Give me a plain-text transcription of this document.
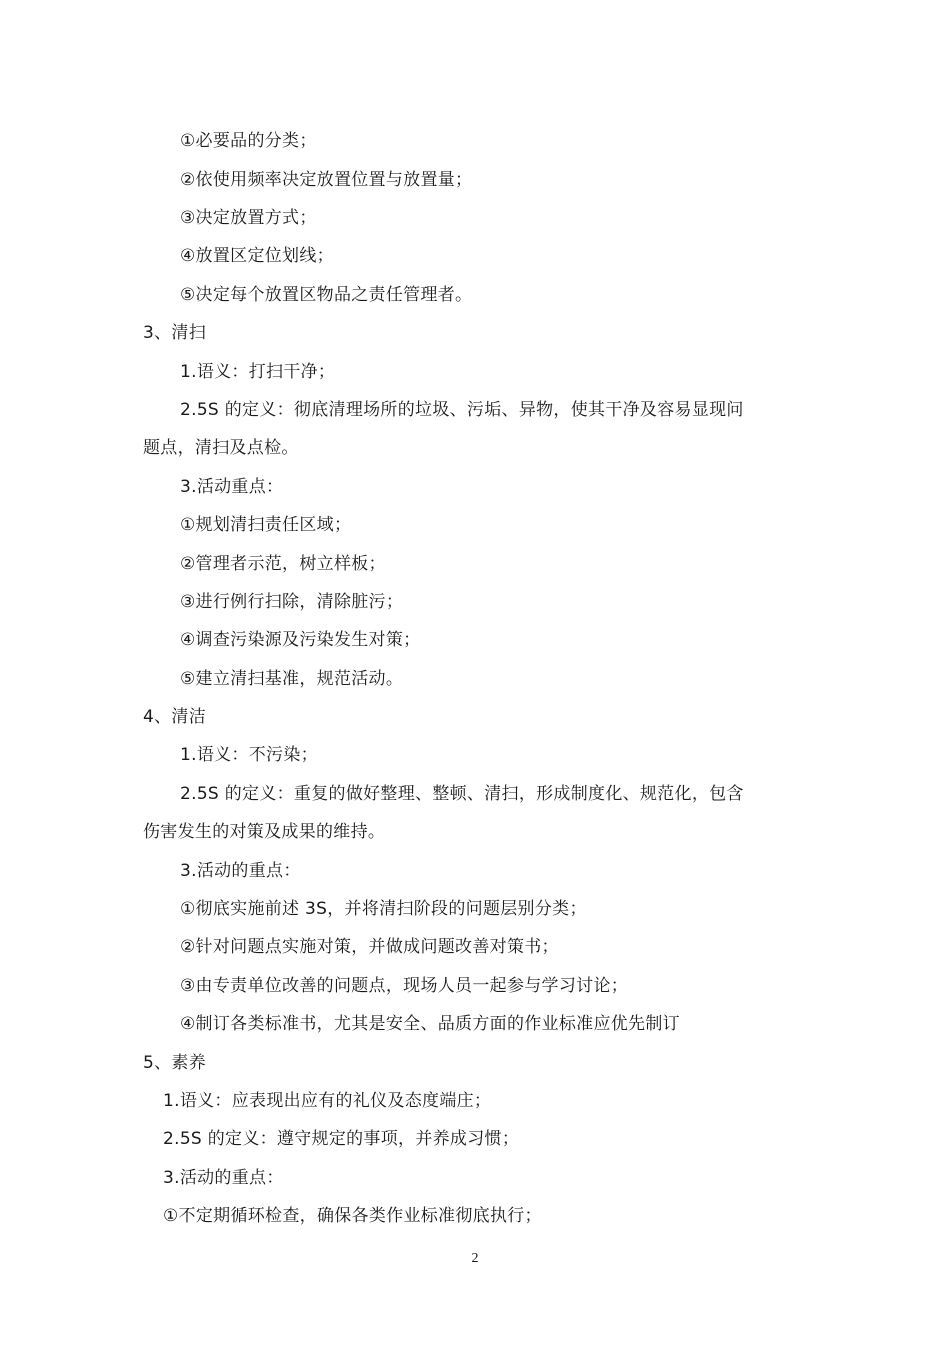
①必要品的分类；
②依使用频率决定放置位置与放置量；
③决定放置方式；
④放置区定位划线；
⑤决定每个放置区物品之责任管理者。
3、清扫
1.语义：打扫干净；
2.5S 的定义：彻底清理场所的垃圾、污垢、异物，使其干净及容易显现问
题点，清扫及点检。
3.活动重点：
①规划清扫责任区域；
②管理者示范，树立样板；
③进行例行扫除，清除脏污；
④调查污染源及污染发生对策；
⑤建立清扫基准，规范活动。
4、清洁
1.语义：不污染；
2.5S 的定义：重复的做好整理、整顿、清扫，形成制度化、规范化，包含
伤害发生的对策及成果的维持。
3.活动的重点：
①彻底实施前述 3S，并将清扫阶段的问题层别分类；
②针对问题点实施对策，并做成问题改善对策书；
③由专责单位改善的问题点，现场人员一起参与学习讨论；
④制订各类标准书，尤其是安全、品质方面的作业标准应优先制订
5、素养
1.语义：应表现出应有的礼仪及态度端庄；
2.5S 的定义：遵守规定的事项，并养成习惯；
3.活动的重点：
①不定期循环检查，确保各类作业标准彻底执行；
2
